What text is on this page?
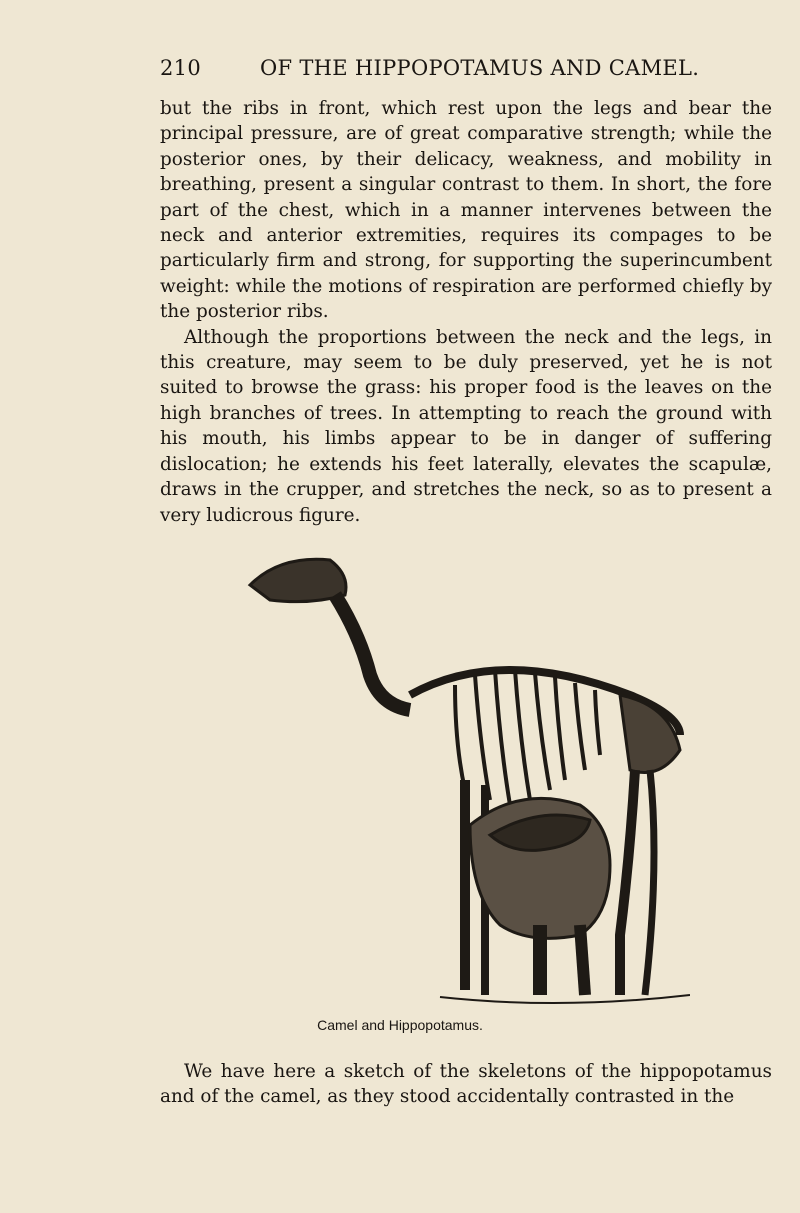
210	OF THE HIPPOPOTAMUS AND CAMEL.

but the ribs in front, which rest upon the legs and bear the principal pressure, are of great comparative strength; while the posterior ones, by their delicacy, weakness, and mobility in breathing, present a singular contrast to them. In short, the fore part of the chest, which in a manner intervenes between the neck and anterior extremities, requires its compages to be particularly firm and strong, for supporting the superincumbent weight: while the motions of respiration are performed chiefly by the posterior ribs.

Although the proportions between the neck and the legs, in this creature, may seem to be duly preserved, yet he is not suited to browse the grass: his proper food is the leaves on the high branches of trees. In attempting to reach the ground with his mouth, his limbs appear to be in danger of suffering dislocation; he extends his feet laterally, elevates the scapulæ, draws in the crupper, and stretches the neck, so as to present a very ludicrous figure.

Camel and Hippopotamus.

We have here a sketch of the skeletons of the hippopotamus and of the camel, as they stood accidentally contrasted in the
